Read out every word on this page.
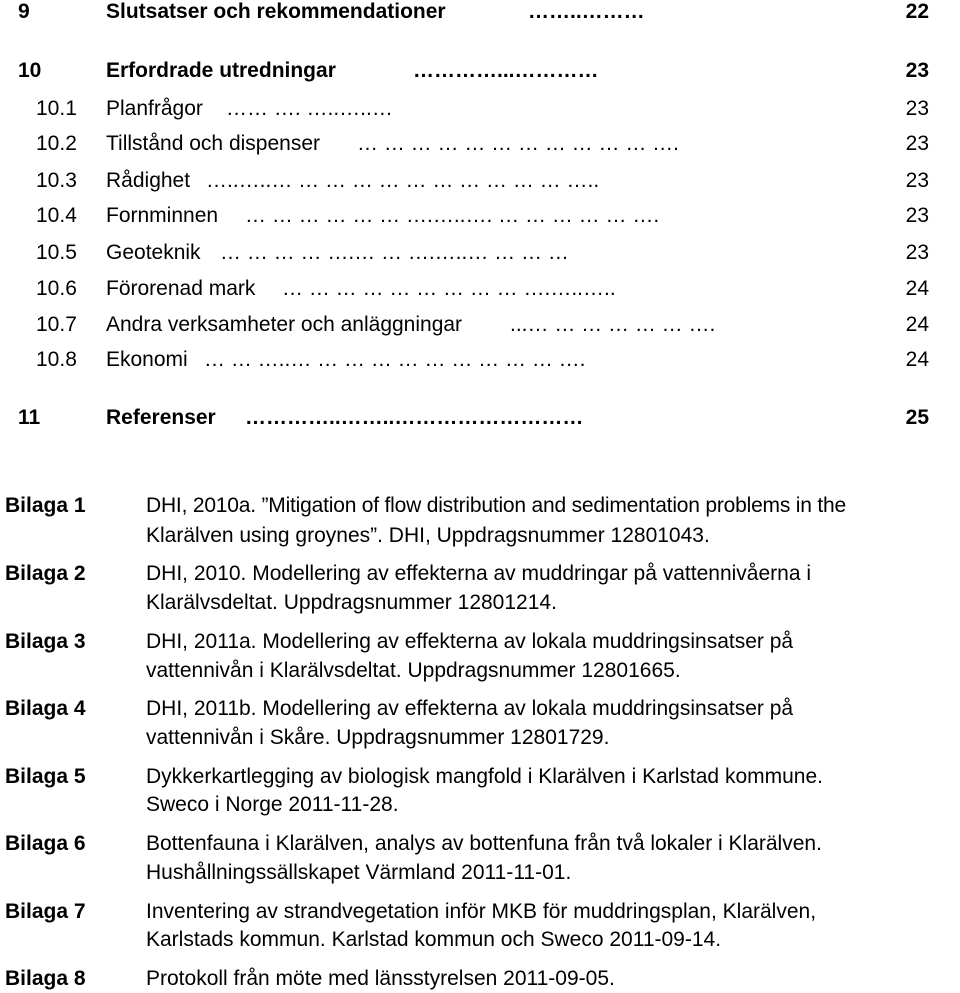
9	Slutsatser och rekommendationer	……..………	22
10	Erfordrade utredningar	…………...…………	23
10.1 Planfrågor …… …. …..…..…	23
10.2 Tillstånd och dispenser … … … … … … … … … … … ….	23
10.3 Rådighet …..…..… … … … … … … … … … … …..	23
10.4 Fornminnen … … … … … … ….…..…. … … … … … ….	23
10.5 Geoteknik … … … … ….… … ….…..… … … …	23
10.6 Förorenad mark … … … … … … … … … ….…..…..	24
10.7 Andra verksamheter och anläggningar ...… … … … … … ….	24
10.8 Ekonomi … … …..… … … … … … … … … … ….	24
11	Referenser …………..……..………………………	25
Bilaga 1	DHI, 2010a. ”Mitigation of flow distribution and sedimentation problems in the
Klarälven using groynes”. DHI, Uppdragsnummer 12801043.
Bilaga 2	DHI, 2010. Modellering av effekterna av muddringar på vattennivåerna i
Klarälvsdeltat. Uppdragsnummer 12801214.
Bilaga 3	DHI, 2011a. Modellering av effekterna av lokala muddringsinsatser på
vattennivån i Klarälvsdeltat. Uppdragsnummer 12801665.
Bilaga 4	DHI, 2011b. Modellering av effekterna av lokala muddringsinsatser på
vattennivån i Skåre. Uppdragsnummer 12801729.
Bilaga 5	Dykkerkartlegging av biologisk mangfold i Klarälven i Karlstad kommune.
Sweco i Norge 2011-11-28.
Bilaga 6	Bottenfauna i Klarälven, analys av bottenfuna från två lokaler i Klarälven.
Hushållningssällskapet Värmland 2011-11-01.
Bilaga 7	Inventering av strandvegetation inför MKB för muddringsplan, Klarälven,
Karlstads kommun. Karlstad kommun och Sweco 2011-09-14.
Bilaga 8	Protokoll från möte med länsstyrelsen 2011-09-05.
